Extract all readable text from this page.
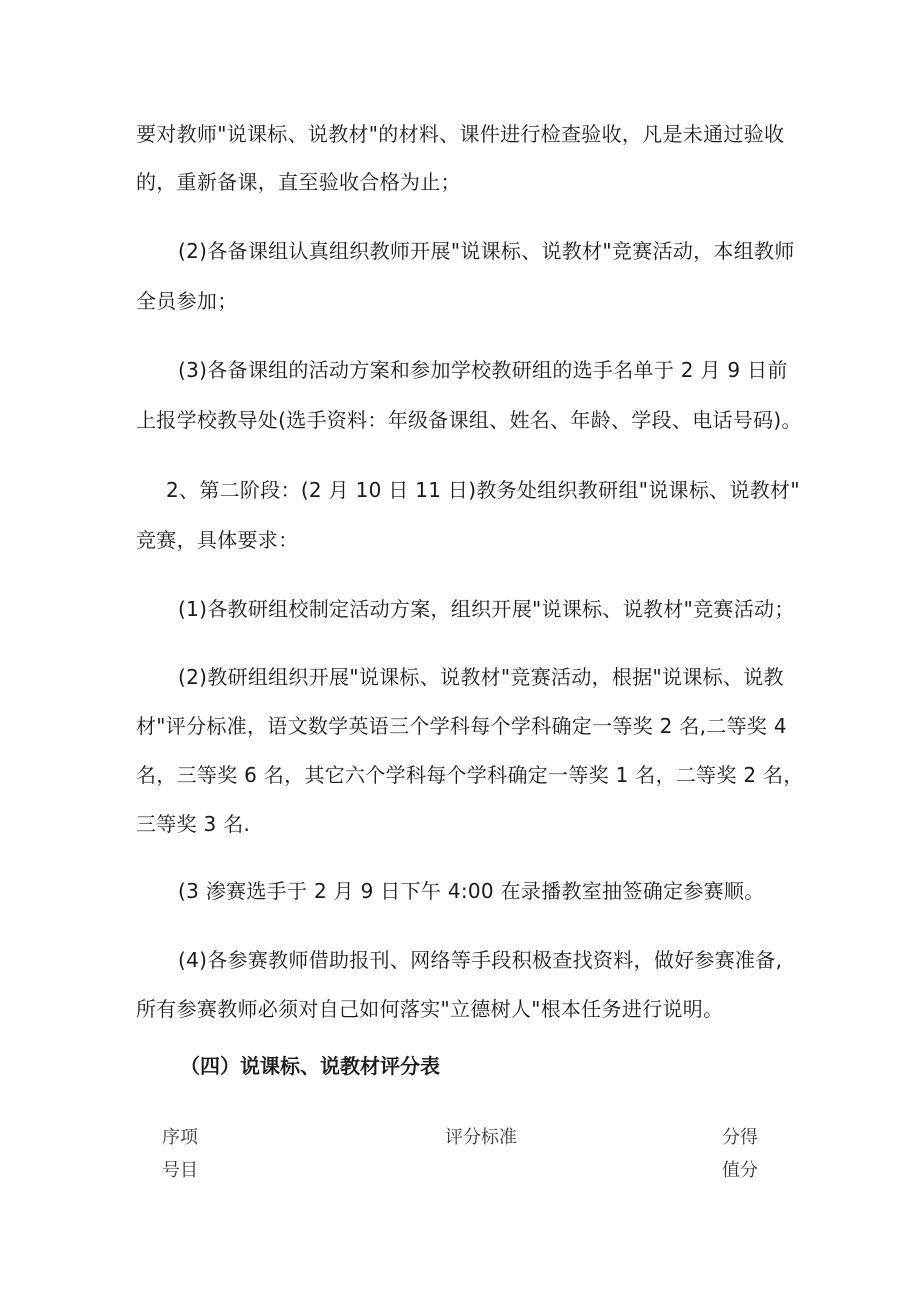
要对教师"说课标、说教材"的材料、课件进行检查验收，凡是未通过验收
的，重新备课，直至验收合格为止；
(2)各备课组认真组织教师开展"说课标、说教材"竞赛活动，本组教师
全员参加；
(3)各备课组的活动方案和参加学校教研组的选手名单于 2 月 9 日前
上报学校教导处(选手资料：年级备课组、姓名、年龄、学段、电话号码)。
2、第二阶段：(2 月 10 日 11 日)教务处组织教研组"说课标、说教材"
竞赛，具体要求：
(1)各教研组校制定活动方案，组织开展"说课标、说教材"竞赛活动；
(2)教研组组织开展"说课标、说教材"竞赛活动，根据"说课标、说教
材"评分标准，语文数学英语三个学科每个学科确定一等奖 2 名,二等奖 4
名，三等奖 6 名，其它六个学科每个学科确定一等奖 1 名，二等奖 2 名，
三等奖 3 名.
(3 渗赛选手于 2 月 9 日下午 4:00 在录播教室抽签确定参赛顺。
(4)各参赛教师借助报刊、网络等手段积极查找资料，做好参赛准备,
所有参赛教师必须对自己如何落实"立德树人"根本任务进行说明。
（四）说课标、说教材评分表
序项
号目
评分标准	分得
值分
